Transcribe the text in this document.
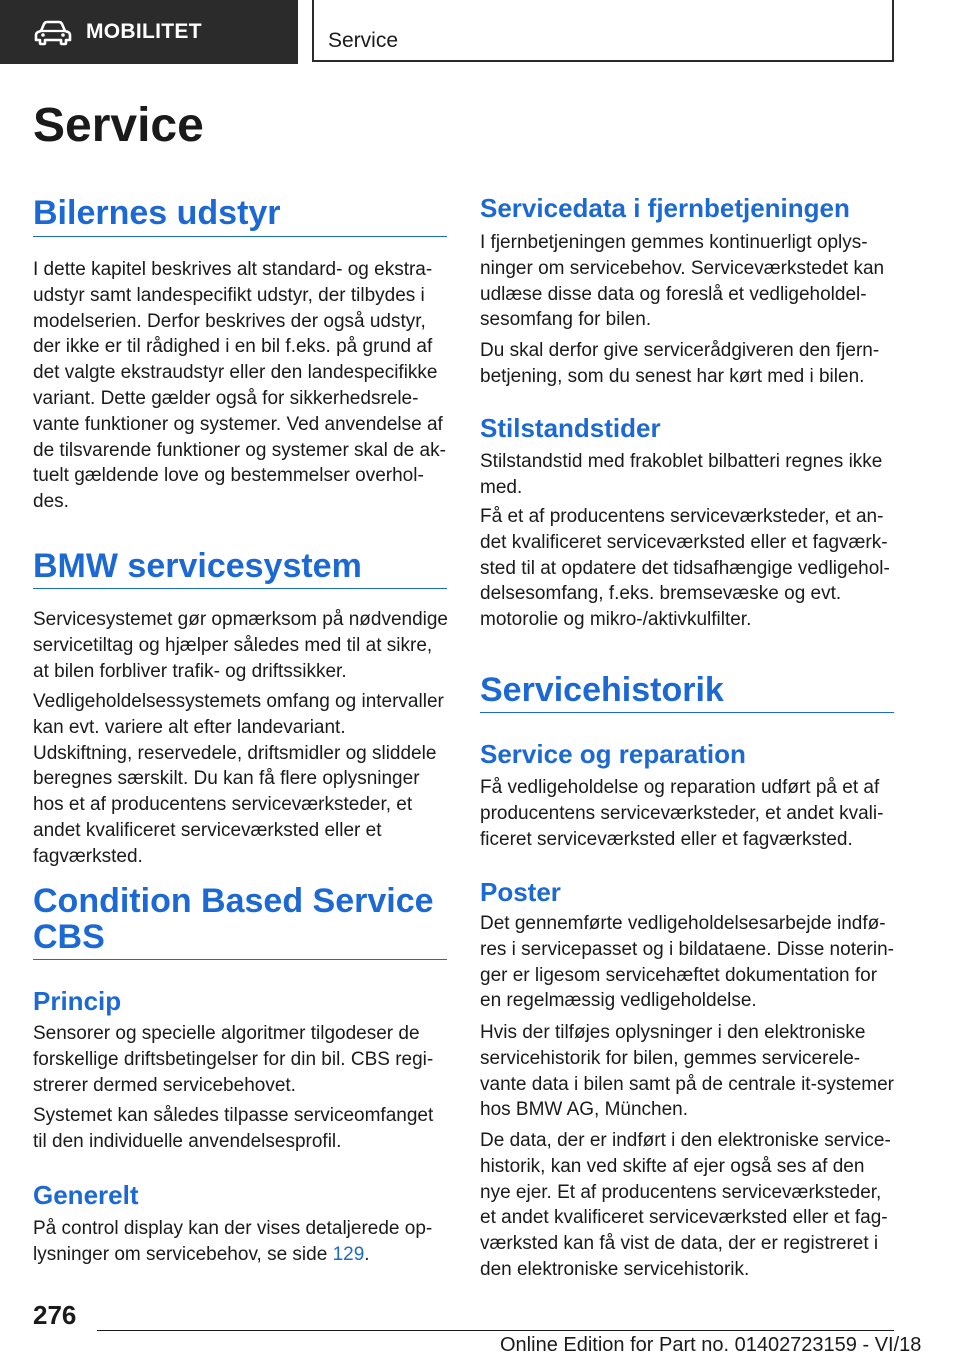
MOBILITET	Service
Service
Bilernes udstyr

I dette kapitel beskrives alt standard- og ekstraudstyr samt landespecifikt udstyr, der tilbydes i modelserien. Derfor beskrives der også udstyr, der ikke er til rådighed i en bil f.eks. på grund af det valgte ekstraudstyr eller den landespecifikke variant. Dette gælder også for sikkerhedsrelevante funktioner og systemer. Ved anvendelse af de tilsvarende funktioner og systemer skal de aktuelt gældende love og bestemmelser overholdes.

BMW servicesystem

Servicesystemet gør opmærksom på nødvendige servicetiltag og hjælper således med til at sikre, at bilen forbliver trafik- og driftssikker.

Vedligeholdelsessystemets omfang og intervaller kan evt. variere alt efter landevariant. Udskiftning, reservedele, driftsmidler og sliddele beregnes særskilt. Du kan få flere oplysninger hos et af producentens serviceværksteder, et andet kvalificeret serviceværksted eller et fagværksted.

Condition Based Service CBS
Princip

Sensorer og specielle algoritmer tilgodeser de forskellige driftsbetingelser for din bil. CBS registrerer dermed servicebehovet.

Systemet kan således tilpasse serviceomfanget til den individuelle anvendelsesprofil.

Generelt

På control display kan der vises detaljerede oplysninger om servicebehov, se side 129.

Servicedata i fjernbetjeningen

I fjernbetjeningen gemmes kontinuerligt oplysninger om servicebehov. Serviceværkstedet kan udlæse disse data og foreslå et vedligeholdelsesomfang for bilen.

Du skal derfor give servicerådgiveren den fjernbetjening, som du senest har kørt med i bilen.

Stilstandstider

Stilstandstid med frakoblet bilbatteri regnes ikke med.

Få et af producentens serviceværksteder, et andet kvalificeret serviceværksted eller et fagværksted til at opdatere det tidsafhængige vedligeholdelsesomfang, f.eks. bremsevæske og evt. motorolie og mikro-/aktivkulfilter.

Servicehistorik
Service og reparation

Få vedligeholdelse og reparation udført på et af producentens serviceværksteder, et andet kvalificeret serviceværksted eller et fagværksted.

Poster

Det gennemførte vedligeholdelsesarbejde indføres i servicepasset og i bildataene. Disse noteringer er ligesom servicehæftet dokumentation for en regelmæssig vedligeholdelse.

Hvis der tilføjes oplysninger i den elektroniske servicehistorik for bilen, gemmes servicerelevante data i bilen samt på de centrale it-systemer hos BMW AG, München.

De data, der er indført i den elektroniske servicehistorik, kan ved skifte af ejer også ses af den nye ejer. Et af producentens serviceværksteder, et andet kvalificeret serviceværksted eller et fagværksted kan få vist de data, der er registreret i den elektroniske servicehistorik.

276
Online Edition for Part no. 01402723159 - VI/18
